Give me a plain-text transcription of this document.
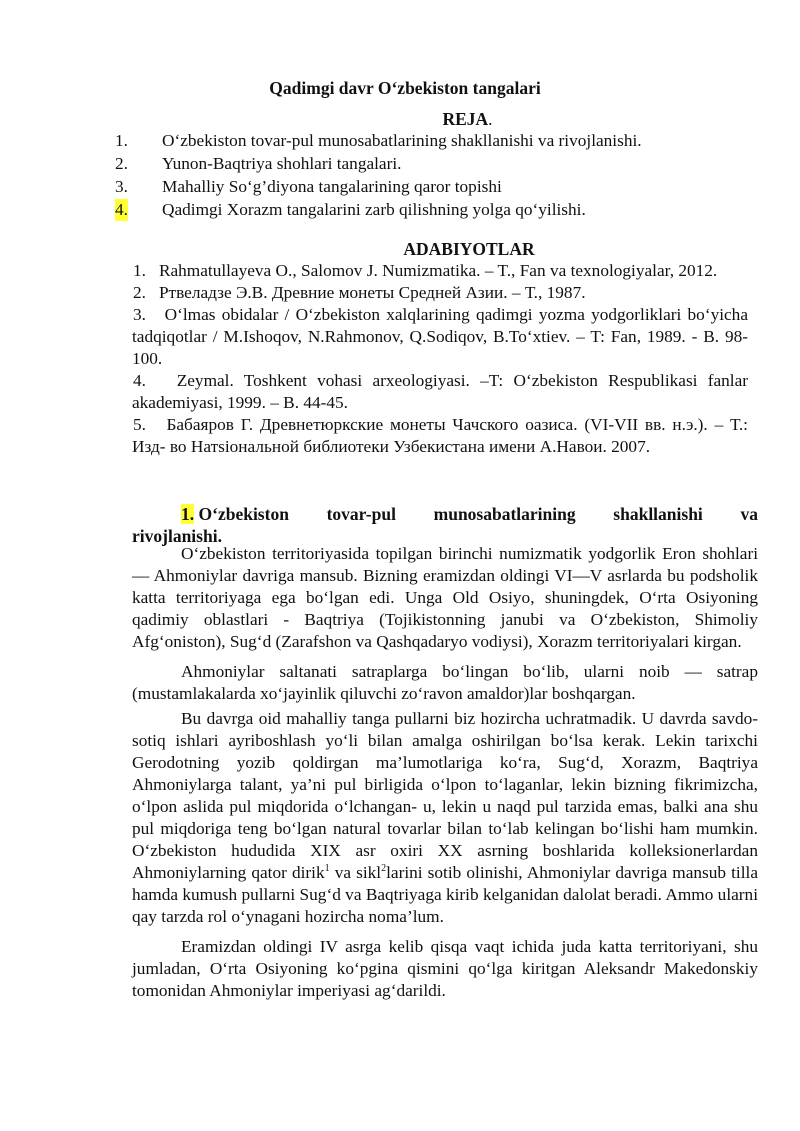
Qadimgi davr O‘zbekiston tangalari
REJA.
1. O‘zbekiston tovar-pul munosabatlarining shakllanishi va rivojlanishi.
2. Yunon-Baqtriya shohlari tangalari.
3. Mahalliy So‘g’diyona tangalarining qaror topishi
4. Qadimgi Xorazm tangalarini zarb qilishning yolga qo‘yilishi.
ADABIYOTLAR

1. Rahmatullayeva O., Salomov J. Numizmatika. – T., Fan va texnologiyalar, 2012.

2. Ртвеладзе Э.В. Древние монеты Средней Азии. – Т., 1987.

3. O‘lmas obidalar / O‘zbekiston xalqlarining qadimgi yozma yodgorliklari bo‘yicha tadqiqotlar / M.Ishoqov, N.Rahmonov, Q.Sodiqov, B.To‘xtiev. – T: Fan, 1989. - B. 98-100.

4. Zeymal. Toshkent vohasi arxeologiyasi. –T: O‘zbekiston Respublikasi fanlar akademiyasi, 1999. – B. 44-45.

5. Бабаяров Г. Древнетюркские монеты Чачского оазиса. (VI-VII вв. н.э.). – Т.: Изд- во Натsioнальной библиотеки Узбекистана имени А.Навои. 2007.

1. O‘zbekiston tovar-pul munosabatlarining shakllanishi va
rivojlanishi.

O‘zbekiston territoriyasida topilgan birinchi numizmatik yodgorlik Eron shohlari — Ahmoniylar davriga mansub. Bizning eramizdan oldingi VI—V asrlarda bu podsholik katta territoriyaga ega bo‘lgan edi. Unga Old Osiyo, shuningdek, O‘rta Osiyoning qadimiy oblastlari - Baqtriya (Tojikistonning janubi va O‘zbekiston, Shimoliy Afg‘oniston), Sug‘d (Zarafshon va Qashqadaryo vodiysi), Xorazm territoriyalari kirgan.

Ahmoniylar saltanati satraplarga bo‘lingan bo‘lib, ularni noib — satrap (mustamlakalarda xo‘jayinlik qiluvchi zo‘ravon amaldor)lar boshqargan.

Bu davrga oid mahalliy tanga pullarni biz hozircha uchratmadik. U davrda savdo-sotiq ishlari ayriboshlash yo‘li bilan amalga oshirilgan bo‘lsa kerak. Lekin tarixchi Gerodotning yozib qoldirgan ma’lumotlariga ko‘ra, Sug‘d, Xorazm, Baqtriya Ahmoniylarga talant, ya’ni pul birligida o‘lpon to‘laganlar, lekin bizning fikrimizcha, o‘lpon aslida pul miqdorida o‘lchangan- u, lekin u naqd pul tarzida emas, balki ana shu pul miqdoriga teng bo‘lgan natural tovarlar bilan to‘lab kelingan bo‘lishi ham mumkin. O‘zbekiston hududida XIX asr oxiri XX asrning boshlarida kolleksionerlardan Ahmoniylarning qator dirik$^1$ va sikl$^2$larini sotib olinishi, Ahmoniylar davriga mansub tilla hamda kumush pullarni Sug‘d va Baqtriyaga kirib kelganidan dalolat beradi. Ammo ularni qay tarzda rol o‘ynagani hozircha noma’lum.

Eramizdan oldingi IV asrga kelib qisqa vaqt ichida juda katta territoriyani, shu jumladan, O‘rta Osiyoning ko‘pgina qismini qo‘lga kiritgan Aleksandr Makedonskiy tomonidan Ahmoniylar imperiyasi ag‘darildi.
